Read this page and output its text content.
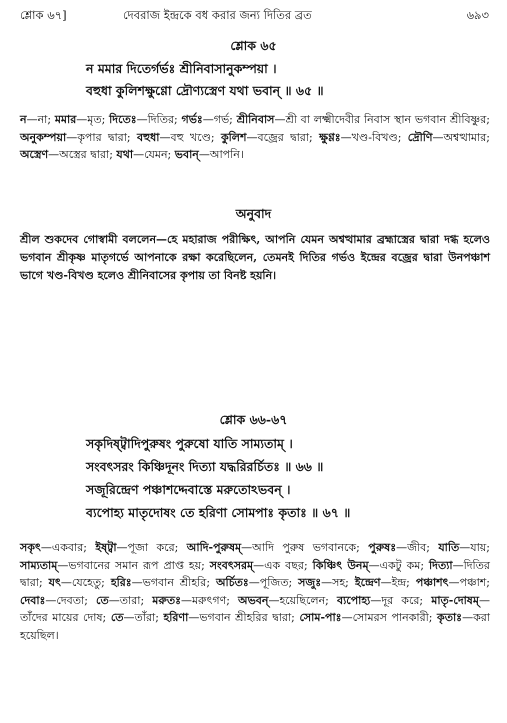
শ্লোক ৬৭]	দেবরাজ ইন্দ্রকে বধ করার জন্য দিতির ব্রত	৬৯৩
শ্লোক ৬৫
ন মমার দিতের্গর্ভঃ শ্রীনিবাসানুকম্পয়া ।
বহুধা কুলিশক্ষুণ্ণো দ্রৌণ্যস্ত্রেণ যথা ভবান্ ॥ ৬৫ ॥
ন—না; মমার—মৃত; দিতেঃ—দিতির; গর্ভঃ—গর্ভ; শ্রীনিবাস—শ্রী বা লক্ষ্মীদেবীর নিবাস স্থান ভগবান শ্রীবিষ্ণুর; অনুকম্পয়া—কৃপার দ্বারা; বহুধা—বহু খণ্ডে; কুলিশ—বজ্রের দ্বারা; ক্ষুণ্ণঃ—খণ্ড-বিখণ্ড; দ্রৌণি—অশ্বত্থামার; অস্ত্রেণ—অস্ত্রের দ্বারা; যথা—যেমন; ভবান্—আপনি।
অনুবাদ
শ্রীল শুকদেব গোস্বামী বললেন—হে মহারাজ পরীক্ষিৎ, আপনি যেমন অশ্বত্থামার ব্রহ্মাস্ত্রের দ্বারা দগ্ধ হলেও ভগবান শ্রীকৃষ্ণ মাতৃগর্ভে আপনাকে রক্ষা করেছিলেন, তেমনই দিতির গর্ভও ইন্দ্রের বজ্রের দ্বারা উনপঞ্চাশ ভাগে খণ্ড-বিখণ্ড হলেও শ্রীনিবাসের কৃপায় তা বিনষ্ট হয়নি।
শ্লোক ৬৬-৬৭
সকৃদিষ্ট্বাদিপুরুষং পুরুষো যাতি সাম্যতাম্ ।
সংবৎসরং কিঞ্চিদূনং দিত্যা যদ্ধরিরর্চিতঃ ॥ ৬৬ ॥
সজূরিন্দ্রেণ পঞ্চাশদ্দেবাস্তে মরুতোঽভবন্ ।
ব্যপোহ্য মাতৃদোষং তে হরিণা সোমপাঃ কৃতাঃ ॥ ৬৭ ॥
সকৃৎ—একবার; ইষ্ট্বা—পূজা করে; আদি-পুরুষম্—আদি পুরুষ ভগবানকে; পুরুষঃ—জীব; যাতি—যায়; সাম্যতাম্—ভগবানের সমান রূপ প্রাপ্ত হয়; সংবৎসরম্—এক বছর; কিঞ্চিৎ উনম্—একটু কম; দিত্যা—দিতির দ্বারা; যৎ—যেহেতু; হরিঃ—ভগবান শ্রীহরি; অর্চিতঃ—পূজিত; সজুঃ—সহ; ইন্দ্রেণ—ইন্দ্র; পঞ্চাশৎ—পঞ্চাশ; দেবাঃ—দেবতা; তে—তারা; মরুতঃ—মরুৎগণ; অভবন্—হয়েছিলেন; ব্যপোহ্য—দূর করে; মাতৃ-দোষম্—তাঁদের মায়ের দোষ; তে—তাঁরা; হরিণা—ভগবান শ্রীহরির দ্বারা; সোম-পাঃ—সোমরস পানকারী; কৃতাঃ—করা হয়েছিল।
